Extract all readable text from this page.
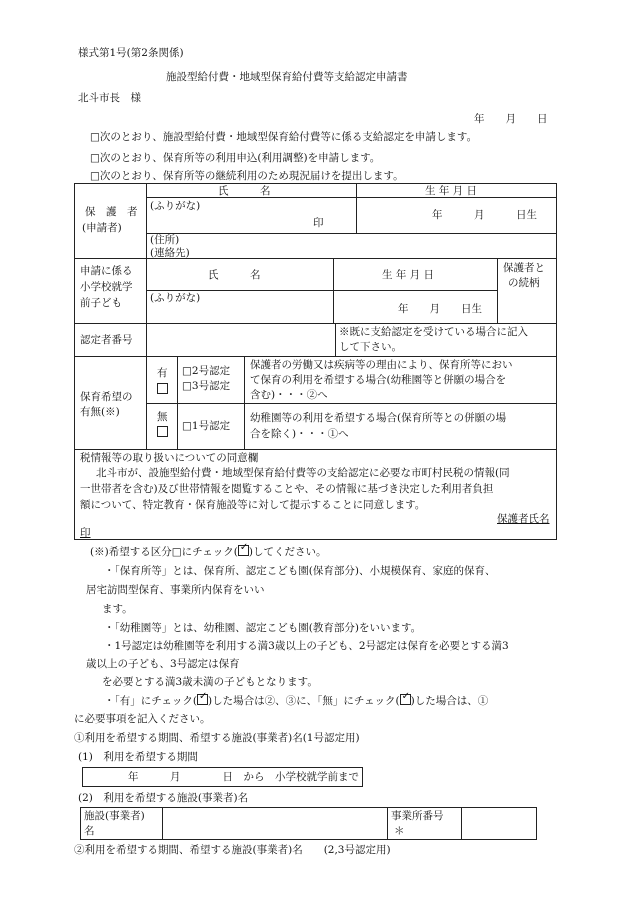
様式第1号(第2条関係)
施設型給付費・地域型保育給付費等支給認定申請書
北斗市長　様
年　　月　　日
□次のとおり、施設型給付費・地域型保育給付費等に係る支給認定を申請します。
□次のとおり、保育所等の利用申込(利用調整)を申請します。
□次のとおり、保育所等の継続利用のため現況届けを提出します。
保　護　者
(申請者)
氏　　　名	生 年 月 日
(ふりがな)
印
年　　　月　　　日生
(住所)
(連絡先)
申請に係る
小学校就学
前子ども
氏　　　名	生 年 月 日
保護者と
の続柄
(ふりがな)
年　　月　　日生
認定者番号
※既に支給認定を受けている場合に記入
して下さい。
保育希望の
有無(※)
有 □2号認定
□3号認定
保護者の労働又は疾病等の理由により、保育所等におい
て保育の利用を希望する場合(幼稚園等と併願の場合を
含む)・・・②へ
無
□1号認定
幼稚園等の利用を希望する場合(保育所等との併願の場
合を除く)・・・①へ
税情報等の取り扱いについての同意欄
北斗市が、設施型給付費・地域型保育給付費等の支給認定に必要な市町村民税の情報(同
一世帯者を含む)及び世帯情報を閲覧することや、その情報に基づき決定した利用者負担
額について、特定教育・保育施設等に対して提示することに同意します。
保護者氏名
印
(※)希望する区分□にチェック( ✓ )してください。
・「保育所等」とは、保育所、認定こども園(保育部分)、小規模保育、家庭的保育、
居宅訪問型保育、事業所内保育をいい
ます。
・「幼稚園等」とは、幼稚園、認定こども園(教育部分)をいいます。
・1号認定は幼稚園等を利用する満3歳以上の子ども、2号認定は保育を必要とする満3
歳以上の子ども、3号認定は保育
を必要とする満3歳未満の子どもとなります。
・「有」にチェック( ✓ )した場合は②、③に、「無」にチェック( ✓ )した場合は、①
に必要事項を記入ください。
①利用を希望する期間、希望する施設(事業者)名(1号認定用)
(1)　利用を希望する期間
年　　　月　　　　日　から　小学校就学前まで
(2)　利用を希望する施設(事業者)名
施設(事業者)
名
事業所番号
＊
②利用を希望する期間、希望する施設(事業者)名　　(2,3号認定用)
